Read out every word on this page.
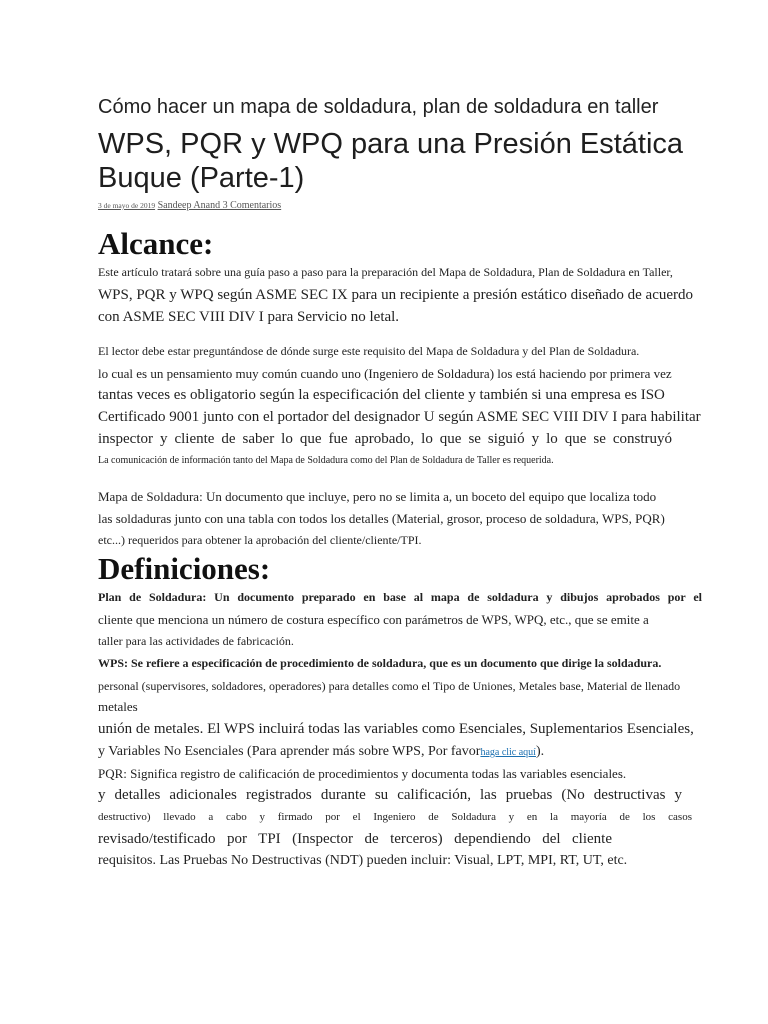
Cómo hacer un mapa de soldadura, plan de soldadura en taller
WPS, PQR y WPQ para una Presión Estática
Buque (Parte-1)
3 de mayo de 2019 Sandeep Anand 3 Comentarios
Alcance:
Este artículo tratará sobre una guía paso a paso para la preparación del Mapa de Soldadura, Plan de Soldadura en Taller,
WPS, PQR y WPQ según ASME SEC IX para un recipiente a presión estático diseñado de acuerdo
con ASME SEC VIII DIV I para Servicio no letal.
El lector debe estar preguntándose de dónde surge este requisito del Mapa de Soldadura y del Plan de Soldadura.
lo cual es un pensamiento muy común cuando uno (Ingeniero de Soldadura) los está haciendo por primera vez
tantas veces es obligatorio según la especificación del cliente y también si una empresa es ISO
Certificado 9001 junto con el portador del designador U según ASME SEC VIII DIV I para habilitar
inspector y cliente de saber lo que fue aprobado, lo que se siguió y lo que se construyó
La comunicación de información tanto del Mapa de Soldadura como del Plan de Soldadura de Taller es requerida.
Mapa de Soldadura: Un documento que incluye, pero no se limita a, un boceto del equipo que localiza todo
las soldaduras junto con una tabla con todos los detalles (Material, grosor, proceso de soldadura, WPS, PQR)
etc...) requeridos para obtener la aprobación del cliente/cliente/TPI.
Definiciones:
Plan de Soldadura: Un documento preparado en base al mapa de soldadura y dibujos aprobados por el
cliente que menciona un número de costura específico con parámetros de WPS, WPQ, etc., que se emite a
taller para las actividades de fabricación.
WPS: Se refiere a especificación de procedimiento de soldadura, que es un documento que dirige la soldadura.
personal (supervisores, soldadores, operadores) para detalles como el Tipo de Uniones, Metales base, Material de llenado
metales
unión de metales. El WPS incluirá todas las variables como Esenciales, Suplementarios Esenciales,
y Variables No Esenciales (Para aprender más sobre WPS, Por favorhaga clic aquí).
PQR: Significa registro de calificación de procedimientos y documenta todas las variables esenciales.
y detalles adicionales registrados durante su calificación, las pruebas (No destructivas y
destructivo) llevado a cabo y firmado por el Ingeniero de Soldadura y en la mayoría de los casos
revisado/testificado por TPI (Inspector de terceros) dependiendo del cliente
requisitos. Las Pruebas No Destructivas (NDT) pueden incluir: Visual, LPT, MPI, RT, UT, etc.
